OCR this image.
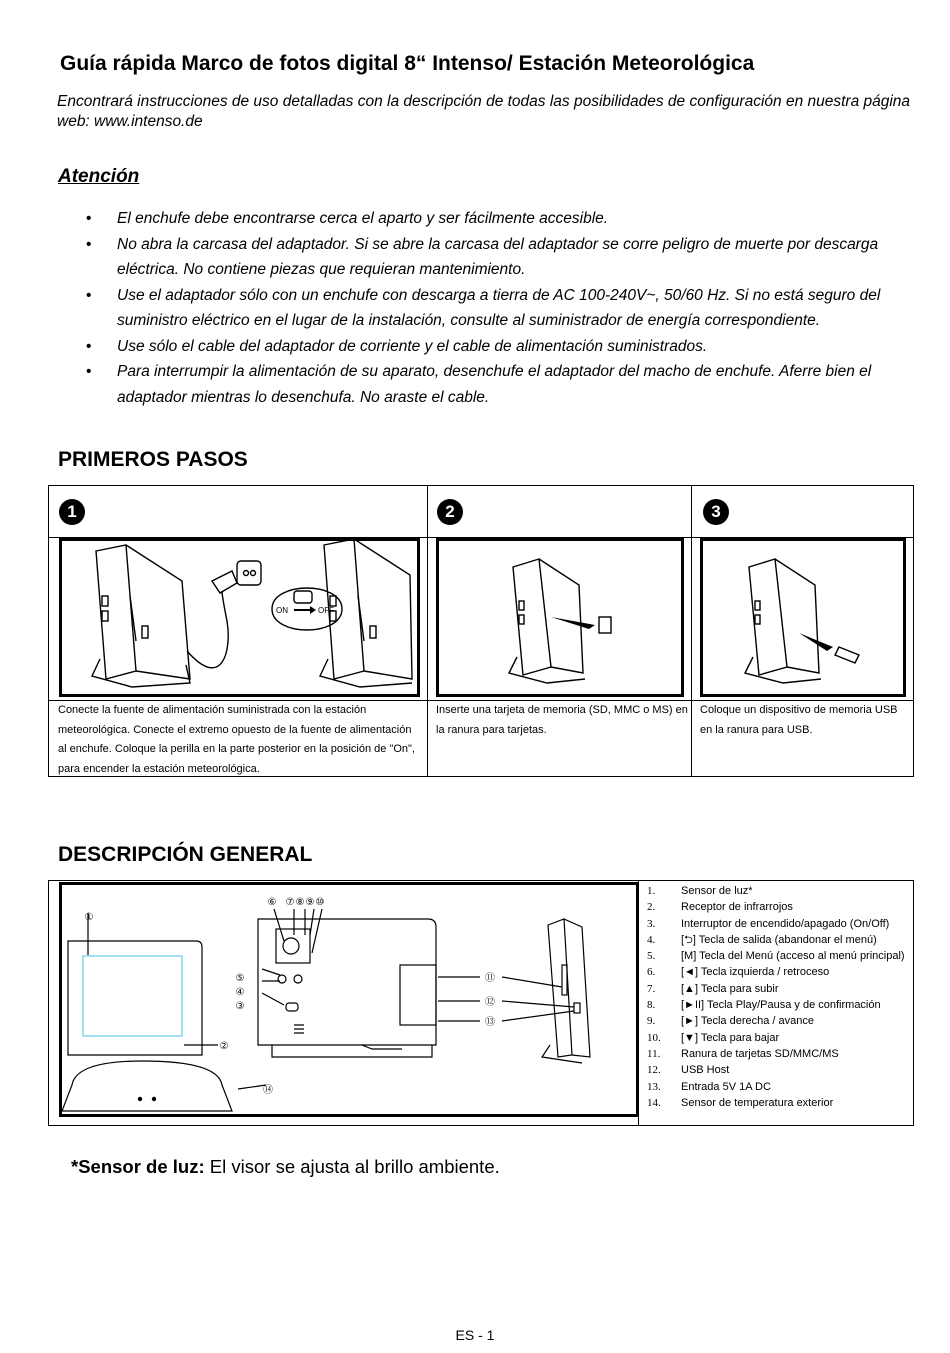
Guía rápida Marco de fotos digital 8“ Intenso/ Estación Meteorológica
Encontrará instrucciones de uso detalladas con la descripción de todas las posibilidades de configuración en nuestra página web: www.intenso.de
Atención
• El enchufe debe encontrarse cerca el aparto y ser fácilmente accesible.
• No abra la carcasa del adaptador. Si se abre la carcasa del adaptador se corre peligro de muerte por descarga eléctrica. No contiene piezas que requieran mantenimiento.
• Use el adaptador sólo con un enchufe con descarga a tierra de AC 100-240V~, 50/60 Hz. Si no está seguro del suministro eléctrico en el lugar de la instalación, consulte al suministrador de energía correspondiente.
• Use sólo el cable del adaptador de corriente y el cable de alimentación suministrados.
• Para interrumpir la alimentación de su aparato, desenchufe el adaptador del macho de enchufe. Aferre bien el adaptador mientras lo desenchufa. No araste el cable.
PRIMEROS PASOS
1	2	3
ON	OFF
Conecte la fuente de alimentación suministrada con la estación meteorológica. Conecte el extremo opuesto de la fuente de alimentación al enchufe. Coloque la perilla en la parte posterior en la posición de "On", para encender la estación meteorológica.
Inserte una tarjeta de memoria (SD, MMC o MS) en la ranura para tarjetas.
Coloque un dispositivo de memoria USB en la ranura para USB.
DESCRIPCIÓN GENERAL
①
②
③
④
⑤
⑥ ⑦ ⑧ ⑨ ⑩
⑪
⑫
⑬
⑭
1. Sensor de luz*
2. Receptor de infrarrojos
3. Interruptor de encendido/apagado (On/Off)
4. [⮌] Tecla de salida (abandonar el menú)
5. [M] Tecla del Menú (acceso al menú principal)
6. [◄] Tecla izquierda / retroceso
7. [▲] Tecla para subir
8. [►II] Tecla Play/Pausa y de confirmación
9. [►] Tecla derecha / avance
10. [▼] Tecla para bajar
11. Ranura de tarjetas SD/MMC/MS
12. USB Host
13. Entrada 5V 1A DC
14. Sensor de temperatura exterior
*Sensor de luz: El visor se ajusta al brillo ambiente.
ES - 1
